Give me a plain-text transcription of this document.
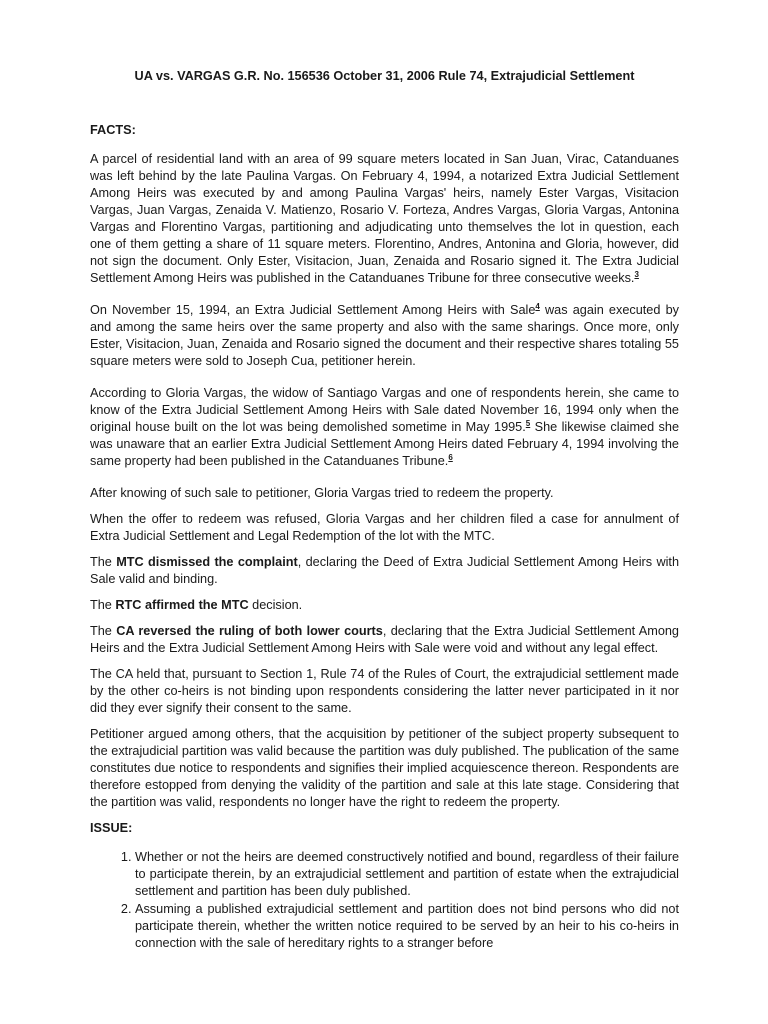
UA vs. VARGAS G.R. No. 156536 October 31, 2006 Rule 74, Extrajudicial Settlement
FACTS:

A parcel of residential land with an area of 99 square meters located in San Juan, Virac, Catanduanes was left behind by the late Paulina Vargas. On February 4, 1994, a notarized Extra Judicial Settlement Among Heirs was executed by and among Paulina Vargas' heirs, namely Ester Vargas, Visitacion Vargas, Juan Vargas, Zenaida V. Matienzo, Rosario V. Forteza, Andres Vargas, Gloria Vargas, Antonina Vargas and Florentino Vargas, partitioning and adjudicating unto themselves the lot in question, each one of them getting a share of 11 square meters. Florentino, Andres, Antonina and Gloria, however, did not sign the document. Only Ester, Visitacion, Juan, Zenaida and Rosario signed it. The Extra Judicial Settlement Among Heirs was published in the Catanduanes Tribune for three consecutive weeks.$^3$

On November 15, 1994, an Extra Judicial Settlement Among Heirs with Sale$^4$ was again executed by and among the same heirs over the same property and also with the same sharings. Once more, only Ester, Visitacion, Juan, Zenaida and Rosario signed the document and their respective shares totaling 55 square meters were sold to Joseph Cua, petitioner herein.

According to Gloria Vargas, the widow of Santiago Vargas and one of respondents herein, she came to know of the Extra Judicial Settlement Among Heirs with Sale dated November 16, 1994 only when the original house built on the lot was being demolished sometime in May 1995.$^5$ She likewise claimed she was unaware that an earlier Extra Judicial Settlement Among Heirs dated February 4, 1994 involving the same property had been published in the Catanduanes Tribune.$^6$

After knowing of such sale to petitioner, Gloria Vargas tried to redeem the property.

When the offer to redeem was refused, Gloria Vargas and her children filed a case for annulment of Extra Judicial Settlement and Legal Redemption of the lot with the MTC.

The MTC dismissed the complaint, declaring the Deed of Extra Judicial Settlement Among Heirs with Sale valid and binding.

The RTC affirmed the MTC decision.

The CA reversed the ruling of both lower courts, declaring that the Extra Judicial Settlement Among Heirs and the Extra Judicial Settlement Among Heirs with Sale were void and without any legal effect.

The CA held that, pursuant to Section 1, Rule 74 of the Rules of Court, the extrajudicial settlement made by the other co-heirs is not binding upon respondents considering the latter never participated in it nor did they ever signify their consent to the same.

Petitioner argued among others, that the acquisition by petitioner of the subject property subsequent to the extrajudicial partition was valid because the partition was duly published. The publication of the same constitutes due notice to respondents and signifies their implied acquiescence thereon. Respondents are therefore estopped from denying the validity of the partition and sale at this late stage. Considering that the partition was valid, respondents no longer have the right to redeem the property.

ISSUE:
1. Whether or not the heirs are deemed constructively notified and bound, regardless of their failure to participate therein, by an extrajudicial settlement and partition of estate when the extrajudicial settlement and partition has been duly published.
2. Assuming a published extrajudicial settlement and partition does not bind persons who did not participate therein, whether the written notice required to be served by an heir to his co-heirs in connection with the sale of hereditary rights to a stranger before
